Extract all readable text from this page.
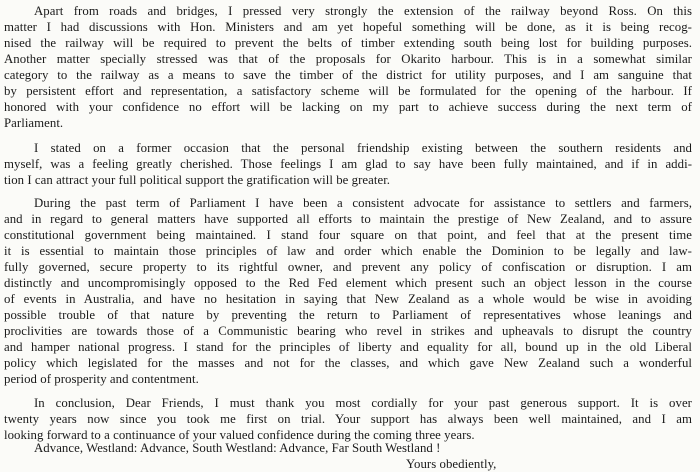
Apart from roads and bridges, I pressed very strongly the extension of the railway beyond Ross. On this
matter I had discussions with Hon. Ministers and am yet hopeful something will be done, as it is being recog-
nised the railway will be required to prevent the belts of timber extending south being lost for building purposes.
Another matter specially stressed was that of the proposals for Okarito harbour. This is in a somewhat similar
category to the railway as a means to save the timber of the district for utility purposes, and I am sanguine that
by persistent effort and representation, a satisfactory scheme will be formulated for the opening of the harbour. If
honored with your confidence no effort will be lacking on my part to achieve success during the next term of
Parliament.
I stated on a former occasion that the personal friendship existing between the southern residents and
myself, was a feeling greatly cherished. Those feelings I am glad to say have been fully maintained, and if in addi-
tion I can attract your full political support the gratification will be greater.
During the past term of Parliament I have been a consistent advocate for assistance to settlers and farmers,
and in regard to general matters have supported all efforts to maintain the prestige of New Zealand, and to assure
constitutional government being maintained. I stand four square on that point, and feel that at the present time
it is essential to maintain those principles of law and order which enable the Dominion to be legally and law-
fully governed, secure property to its rightful owner, and prevent any policy of confiscation or disruption. I am
distinctly and uncompromisingly opposed to the Red Fed element which present such an object lesson in the course
of events in Australia, and have no hesitation in saying that New Zealand as a whole would be wise in avoiding
possible trouble of that nature by preventing the return to Parliament of representatives whose leanings and
proclivities are towards those of a Communistic bearing who revel in strikes and upheavals to disrupt the country
and hamper national progress. I stand for the principles of liberty and equality for all, bound up in the old Liberal
policy which legislated for the masses and not for the classes, and which gave New Zealand such a wonderful
period of prosperity and contentment.
In conclusion, Dear Friends, I must thank you most cordially for your past generous support. It is over
twenty years now since you took me first on trial. Your support has always been well maintained, and I am
looking forward to a continuance of your valued confidence during the coming three years.
Advance, Westland: Advance, South Westland: Advance, Far South Westland !
Yours obediently,
